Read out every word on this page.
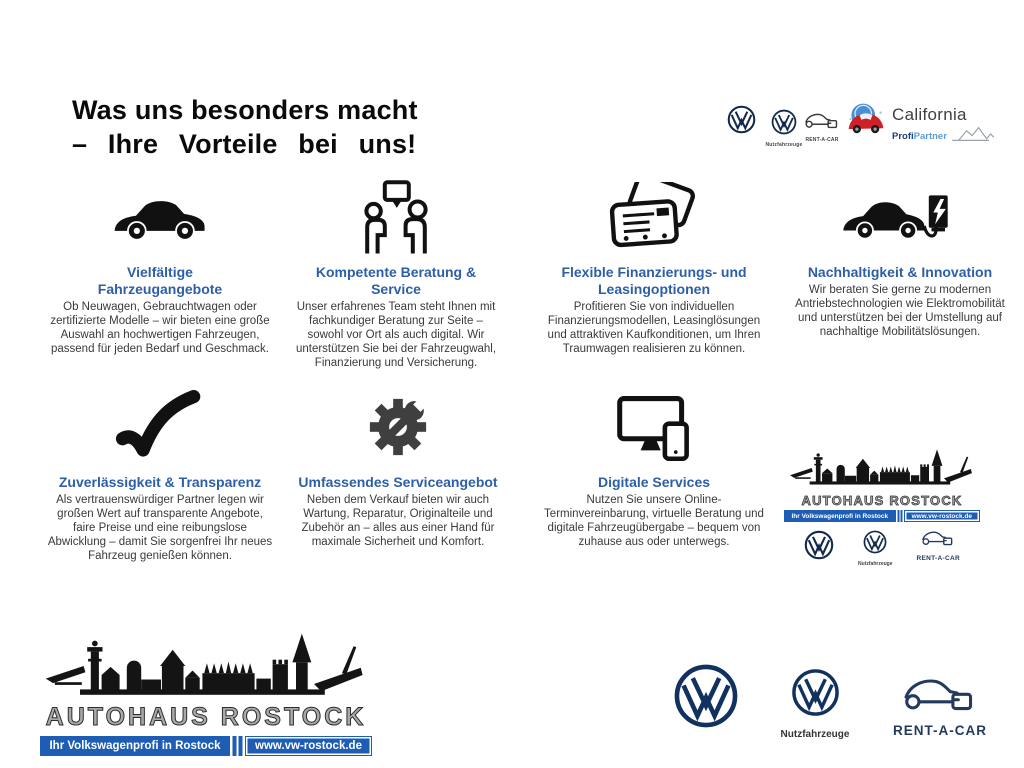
Was uns besonders macht
– Ihre Vorteile bei uns!	Nutzfahrzeuge
RENT-A-CAR
California
Profi Partner
Vielfältige Fahrzeugangebote

Ob Neuwagen, Gebrauchtwagen oder zertifizierte Modelle – wir bieten eine große Auswahl an hochwertigen Fahrzeugen, passend für jeden Bedarf und Geschmack.

Kompetente Beratung & Service

Unser erfahrenes Team steht Ihnen mit fachkundiger Beratung zur Seite – sowohl vor Ort als auch digital. Wir unterstützen Sie bei der Fahrzeugwahl, Finanzierung und Versicherung.

Flexible Finanzierungs- und Leasingoptionen

Profitieren Sie von individuellen Finanzierungsmodellen, Leasinglösungen und attraktiven Kaufkonditionen, um Ihren Traumwagen realisieren zu können.

Nachhaltigkeit & Innovation

Wir beraten Sie gerne zu modernen Antriebstechnologien wie Elektromobilität und unterstützen bei der Umstellung auf nachhaltige Mobilitätslösungen.

Zuverlässigkeit & Transparenz

Als vertrauenswürdiger Partner legen wir großen Wert auf transparente Angebote, faire Preise und eine reibungslose Abwicklung – damit Sie sorgenfrei Ihr neues Fahrzeug genießen können.

Umfassendes Serviceangebot

Neben dem Verkauf bieten wir auch Wartung, Reparatur, Originalteile und Zubehör an – alles aus einer Hand für maximale Sicherheit und Komfort.

Digitale Services

Nutzen Sie unsere Online-Terminvereinbarung, virtuelle Beratung und digitale Fahrzeugübergabe – bequem von zuhause aus oder unterwegs.

AUTOHAUS ROSTOCK
Ihr Volkswagenprofi in Rostock	www.vw-rostock.de
Nutzfahrzeuge
RENT-A-CAR
AUTOHAUS ROSTOCK
Ihr Volkswagenprofi in Rostock	www.vw-rostock.de
Nutzfahrzeuge	RENT-A-CAR
